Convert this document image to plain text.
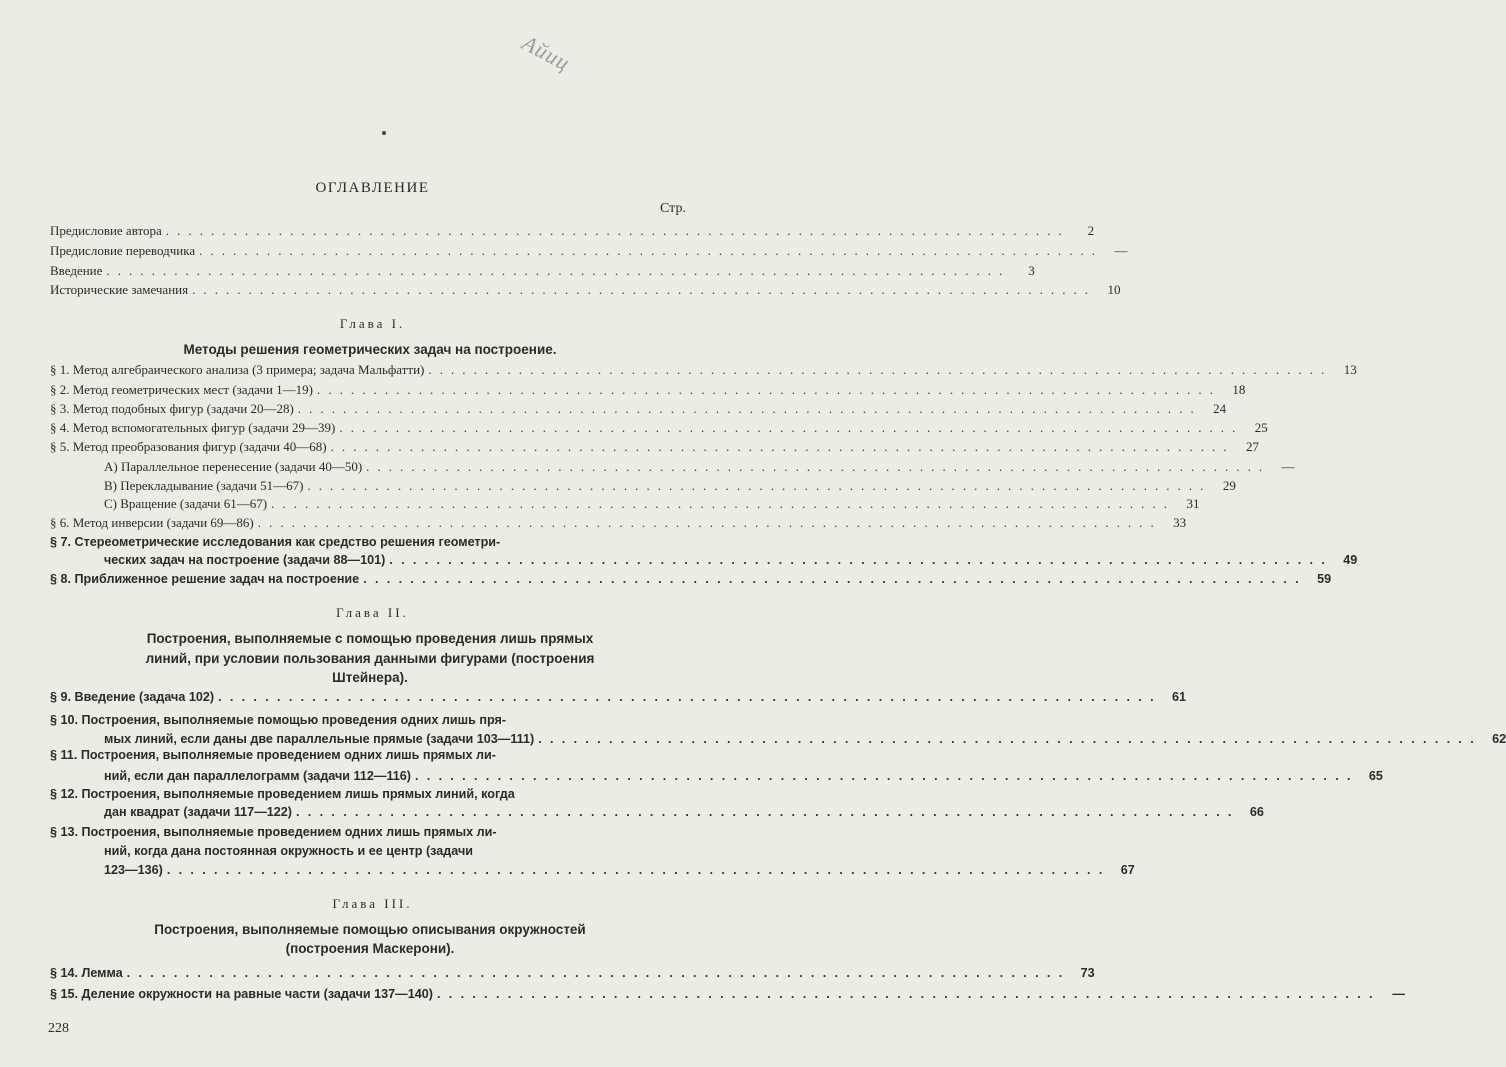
Айиц
ОГЛАВЛЕНИЕ
Стр.
Предисловие автора . . . . . . . . . . . . . . . . . . . . . . . . . . . . . . . . . . . . . . . . . . . . . . . . . . . . . . . . . . . . . . . . . . . . . . . . . . . . . . . .	2
Предисловие переводчика . . . . . . . . . . . . . . . . . . . . . . . . . . . . . . . . . . . . . . . . . . . . . . . . . . . . . . . . . . . . . . . . . . . . . . . . . . . . . . . .	—
Введение . . . . . . . . . . . . . . . . . . . . . . . . . . . . . . . . . . . . . . . . . . . . . . . . . . . . . . . . . . . . . . . . . . . . . . . . . . . . . . . .	3
Исторические замечания . . . . . . . . . . . . . . . . . . . . . . . . . . . . . . . . . . . . . . . . . . . . . . . . . . . . . . . . . . . . . . . . . . . . . . . . . . . . . . . .	10
Глава I.
Методы решения геометрических задач на построение.
§ 1. Метод алгебраического анализа (3 примера; задача Мальфатти) . . . . . . . . . . . . . . . . . . . . . . . . . . . . . . . . . . . . . . . . . . . . . . . . . . . . . . . . . . . . . . . . . . . . . . . . . . . . . . . .	13
§ 2. Метод геометрических мест (задачи 1—19) . . . . . . . . . . . . . . . . . . . . . . . . . . . . . . . . . . . . . . . . . . . . . . . . . . . . . . . . . . . . . . . . . . . . . . . . . . . . . . . .	18
§ 3. Метод подобных фигур (задачи 20—28) . . . . . . . . . . . . . . . . . . . . . . . . . . . . . . . . . . . . . . . . . . . . . . . . . . . . . . . . . . . . . . . . . . . . . . . . . . . . . . . .	24
§ 4. Метод вспомогательных фигур (задачи 29—39) . . . . . . . . . . . . . . . . . . . . . . . . . . . . . . . . . . . . . . . . . . . . . . . . . . . . . . . . . . . . . . . . . . . . . . . . . . . . . . . .	25
§ 5. Метод преобразования фигур (задачи 40—68) . . . . . . . . . . . . . . . . . . . . . . . . . . . . . . . . . . . . . . . . . . . . . . . . . . . . . . . . . . . . . . . . . . . . . . . . . . . . . . . .	27
А) Параллельное перенесение (задачи 40—50) . . . . . . . . . . . . . . . . . . . . . . . . . . . . . . . . . . . . . . . . . . . . . . . . . . . . . . . . . . . . . . . . . . . . . . . . . . . . . . . .	—
В) Перекладывание (задачи 51—67) . . . . . . . . . . . . . . . . . . . . . . . . . . . . . . . . . . . . . . . . . . . . . . . . . . . . . . . . . . . . . . . . . . . . . . . . . . . . . . . .	29
С) Вращение (задачи 61—67) . . . . . . . . . . . . . . . . . . . . . . . . . . . . . . . . . . . . . . . . . . . . . . . . . . . . . . . . . . . . . . . . . . . . . . . . . . . . . . . .	31
§ 6. Метод инверсии (задачи 69—86) . . . . . . . . . . . . . . . . . . . . . . . . . . . . . . . . . . . . . . . . . . . . . . . . . . . . . . . . . . . . . . . . . . . . . . . . . . . . . . . .	33
§ 7. Стереометрические исследования как средство решения геометри-
ческих задач на построение (задачи 88—101) . . . . . . . . . . . . . . . . . . . . . . . . . . . . . . . . . . . . . . . . . . . . . . . . . . . . . . . . . . . . . . . . . . . . . . . . . . . . . . . .	49
§ 8. Приближенное решение задач на построение . . . . . . . . . . . . . . . . . . . . . . . . . . . . . . . . . . . . . . . . . . . . . . . . . . . . . . . . . . . . . . . . . . . . . . . . . . . . . . . .	59
Глава II.
Построения, выполняемые с помощью проведения лишь прямых
линий, при условии пользования данными фигурами (построения
Штейнера).
§ 9. Введение (задача 102) . . . . . . . . . . . . . . . . . . . . . . . . . . . . . . . . . . . . . . . . . . . . . . . . . . . . . . . . . . . . . . . . . . . . . . . . . . . . . . . .	61
§ 10. Построения, выполняемые помощью проведения одних лишь пря-
мых линий, если даны две параллельные прямые (задачи 103—111) . . . . . . . . . . . . . . . . . . . . . . . . . . . . . . . . . . . . . . . . . . . . . . . . . . . . . . . . . . . . . . . . . . . . . . . . . . . . . . . .	62
§ 11. Построения, выполняемые проведением одних лишь прямых ли-
ний, если дан параллелограмм (задачи 112—116) . . . . . . . . . . . . . . . . . . . . . . . . . . . . . . . . . . . . . . . . . . . . . . . . . . . . . . . . . . . . . . . . . . . . . . . . . . . . . . . .	65
§ 12. Построения, выполняемые проведением лишь прямых линий, когда
дан квадрат (задачи 117—122) . . . . . . . . . . . . . . . . . . . . . . . . . . . . . . . . . . . . . . . . . . . . . . . . . . . . . . . . . . . . . . . . . . . . . . . . . . . . . . . .	66
§ 13. Построения, выполняемые проведением одних лишь прямых ли-
ний, когда дана постоянная окружность и ее центр (задачи
123—136) . . . . . . . . . . . . . . . . . . . . . . . . . . . . . . . . . . . . . . . . . . . . . . . . . . . . . . . . . . . . . . . . . . . . . . . . . . . . . . . .	67
Глава III.
Построения, выполняемые помощью описывания окружностей
(построения Маскерони).
§ 14. Лемма . . . . . . . . . . . . . . . . . . . . . . . . . . . . . . . . . . . . . . . . . . . . . . . . . . . . . . . . . . . . . . . . . . . . . . . . . . . . . . . .	73
§ 15. Деление окружности на равные части (задачи 137—140) . . . . . . . . . . . . . . . . . . . . . . . . . . . . . . . . . . . . . . . . . . . . . . . . . . . . . . . . . . . . . . . . . . . . . . . . . . . . . . . .	—
228
